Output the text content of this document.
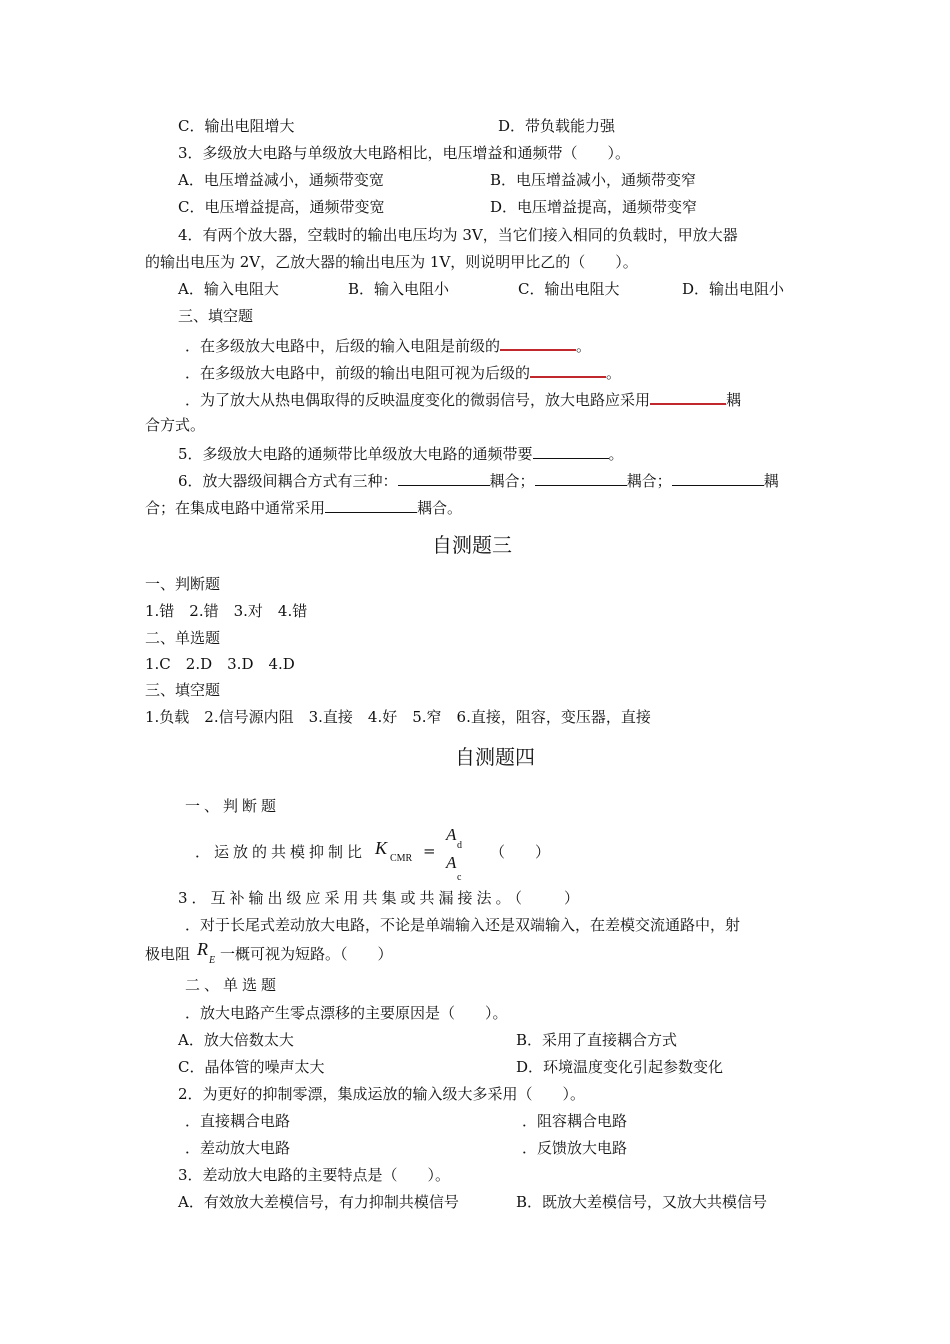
C．输出电阻增大	D．带负载能力强
3．多级放大电路与单级放大电路相比，电压增益和通频带（　　）。
A．电压增益减小，通频带变宽	B．电压增益减小，通频带变窄
C．电压增益提高，通频带变宽	D．电压增益提高，通频带变窄
4．有两个放大器，空载时的输出电压均为 3V，当它们接入相同的负载时，甲放大器
的输出电压为 2V，乙放大器的输出电压为 1V，则说明甲比乙的（　　）。
A．输入电阻大	B．输入电阻小	C．输出电阻大	D．输出电阻小
三、填空题
．在多级放大电路中，后级的输入电阻是前级的	。
．在多级放大电路中，前级的输出电阻可视为后级的	。
．为了放大从热电偶取得的反映温度变化的微弱信号，放大电路应采用	耦
合方式。
5．多级放大电路的通频带比单级放大电路的通频带要	。
6．放大器级间耦合方式有三种：	耦合；	耦合；	耦
合；在集成电路中通常采用	耦合。
自测题三
一、判断题
1.错　2.错　3.对　4.错
二、单选题
1.C　2.D　3.D　4.D
三、填空题
1.负载　2.信号源内阻　3.直接　4.好　5.窄　6.直接，阻容，变压器，直接
自测题四
一、判断题
．运放的共模抑制比 K
CMR =
A
d
A
c
（　　）
3．互补输出级应采用共集或共漏接法。（　　）
．对于长尾式差动放大电路，不论是单端输入还是双端输入，在差模交流通路中，射
极电阻 R
E 一概可视为短路。（　　）
二、单选题
．放大电路产生零点漂移的主要原因是（　　）。
A．放大倍数太大	B．采用了直接耦合方式
C．晶体管的噪声太大	D．环境温度变化引起参数变化
2．为更好的抑制零漂，集成运放的输入级大多采用（　　）。
．直接耦合电路	．阻容耦合电路
．差动放大电路	．反馈放大电路
3．差动放大电路的主要特点是（　　）。
A．有效放大差模信号，有力抑制共模信号	B．既放大差模信号，又放大共模信号
